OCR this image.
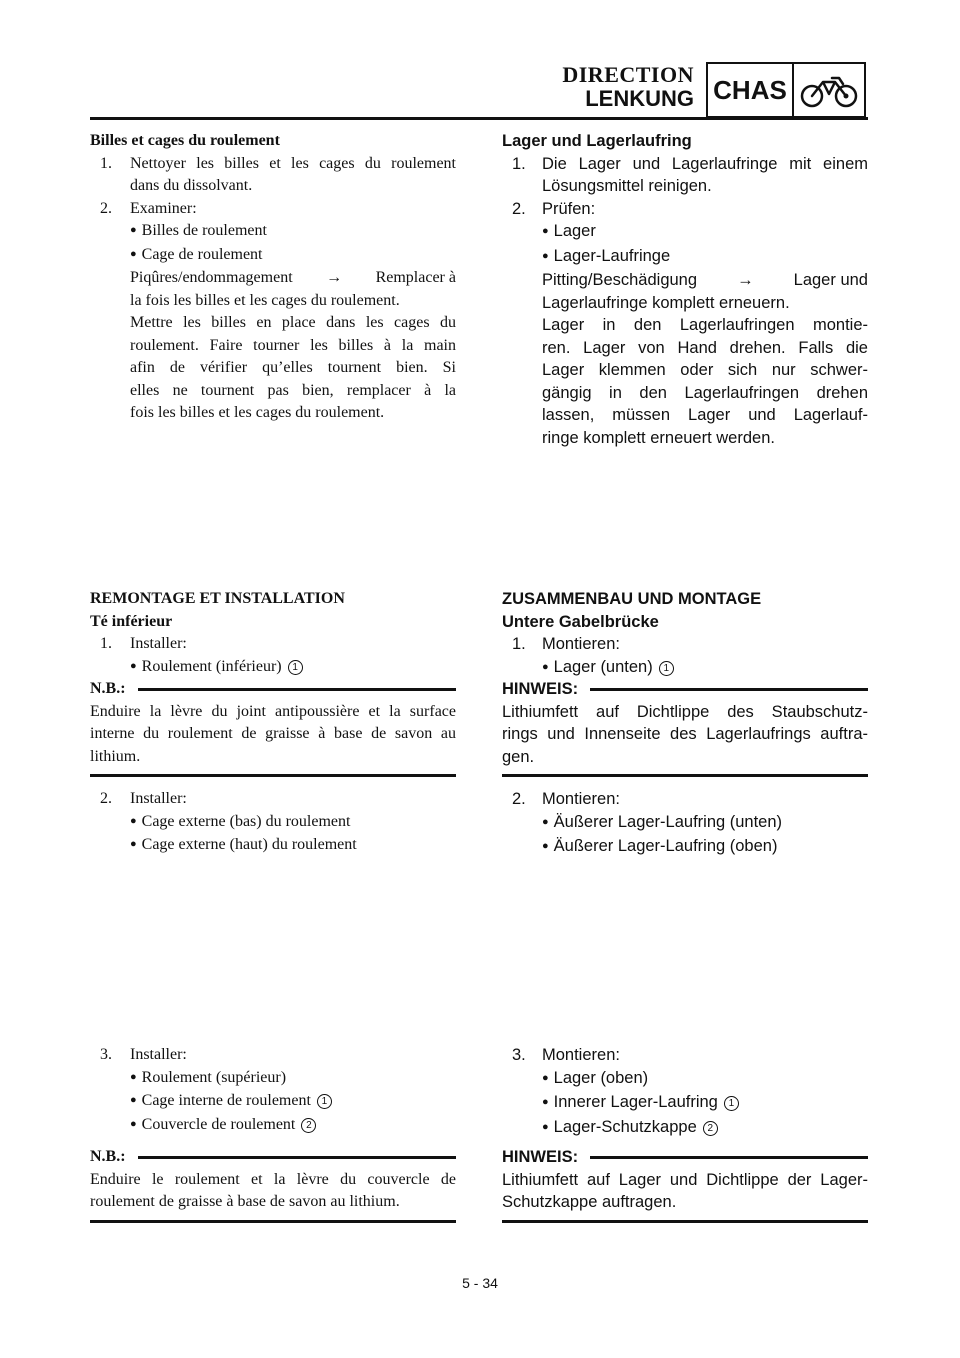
DIRECTION
LENKUNG CHAS
Billes et cages du roulement
1.	Nettoyer les billes et les cages du roulement
dans du dissolvant.
2.	Examiner:
● Billes de roulement
● Cage de roulement
Piqûres/endommagement → Remplacer à
la fois les billes et les cages du roulement.
Mettre les billes en place dans les cages du
roulement. Faire tourner les billes à la main
afin de vérifier qu’elles tournent bien. Si
elles ne tournent pas bien, remplacer à la
fois les billes et les cages du roulement.
Lager und Lagerlaufring
1. Die Lager und Lagerlaufringe mit einem
Lösungsmittel reinigen.
2. Prüfen:
● Lager
● Lager-Laufringe
Pitting/Beschädigung → Lager und
Lagerlaufringe komplett erneuern.
Lager in den Lagerlaufringen montie-
ren. Lager von Hand drehen. Falls die
Lager klemmen oder sich nur schwer-
gängig in den Lagerlaufringen drehen
lassen, müssen Lager und Lagerlauf-
ringe komplett erneuert werden.
REMONTAGE ET INSTALLATION
Té inférieur
1.	Installer:
● Roulement (inférieur) 1
N.B.:
Enduire la lèvre du joint antipoussière et la surface
interne du roulement de graisse à base de savon au
lithium.
2.	Installer:
● Cage externe (bas) du roulement
● Cage externe (haut) du roulement
3.	Installer:
● Roulement (supérieur)
● Cage interne de roulement 1
● Couvercle de roulement 2
N.B.:
Enduire le roulement et la lèvre du couvercle de
roulement de graisse à base de savon au lithium.
ZUSAMMENBAU UND MONTAGE
Untere Gabelbrücke
1. Montieren:
● Lager (unten) 1
HINWEIS:
Lithiumfett auf Dichtlippe des Staubschutz-
rings und Innenseite des Lagerlaufrings auftra-
gen.
2. Montieren:
● Äußerer Lager-Laufring (unten)
● Äußerer Lager-Laufring (oben)
3. Montieren:
● Lager (oben)
● Innerer Lager-Laufring 1
● Lager-Schutzkappe 2
HINWEIS:
Lithiumfett auf Lager und Dichtlippe der Lager-
Schutzkappe auftragen.
5 - 34
